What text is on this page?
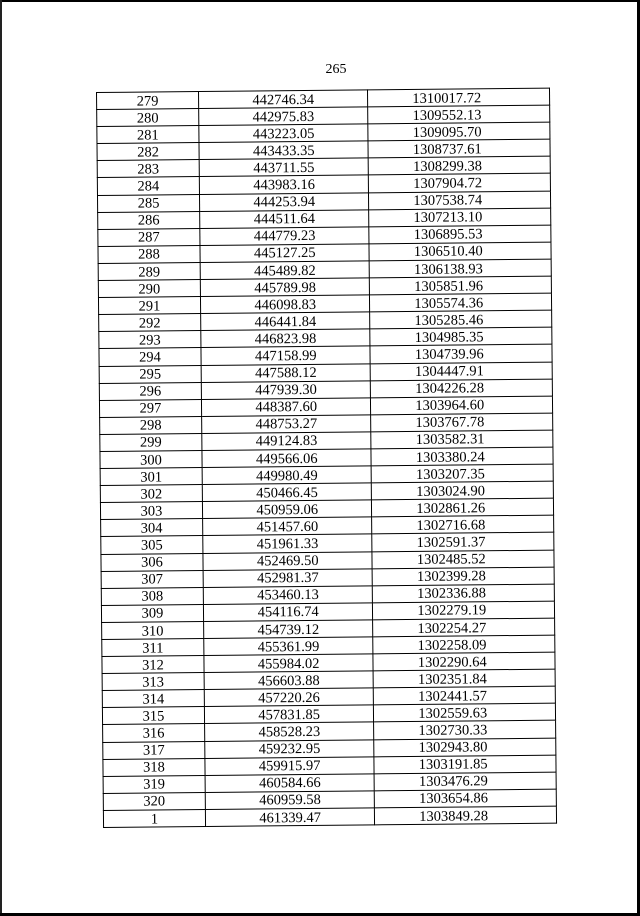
265
279	442746.34	1310017.72
280	442975.83	1309552.13
281	443223.05	1309095.70
282	443433.35	1308737.61
283	443711.55	1308299.38
284	443983.16	1307904.72
285	444253.94	1307538.74
286	444511.64	1307213.10
287	444779.23	1306895.53
288	445127.25	1306510.40
289	445489.82	1306138.93
290	445789.98	1305851.96
291	446098.83	1305574.36
292	446441.84	1305285.46
293	446823.98	1304985.35
294	447158.99	1304739.96
295	447588.12	1304447.91
296	447939.30	1304226.28
297	448387.60	1303964.60
298	448753.27	1303767.78
299	449124.83	1303582.31
300	449566.06	1303380.24
301	449980.49	1303207.35
302	450466.45	1303024.90
303	450959.06	1302861.26
304	451457.60	1302716.68
305	451961.33	1302591.37
306	452469.50	1302485.52
307	452981.37	1302399.28
308	453460.13	1302336.88
309	454116.74	1302279.19
310	454739.12	1302254.27
311	455361.99	1302258.09
312	455984.02	1302290.64
313	456603.88	1302351.84
314	457220.26	1302441.57
315	457831.85	1302559.63
316	458528.23	1302730.33
317	459232.95	1302943.80
318	459915.97	1303191.85
319	460584.66	1303476.29
320	460959.58	1303654.86
1	461339.47	1303849.28
